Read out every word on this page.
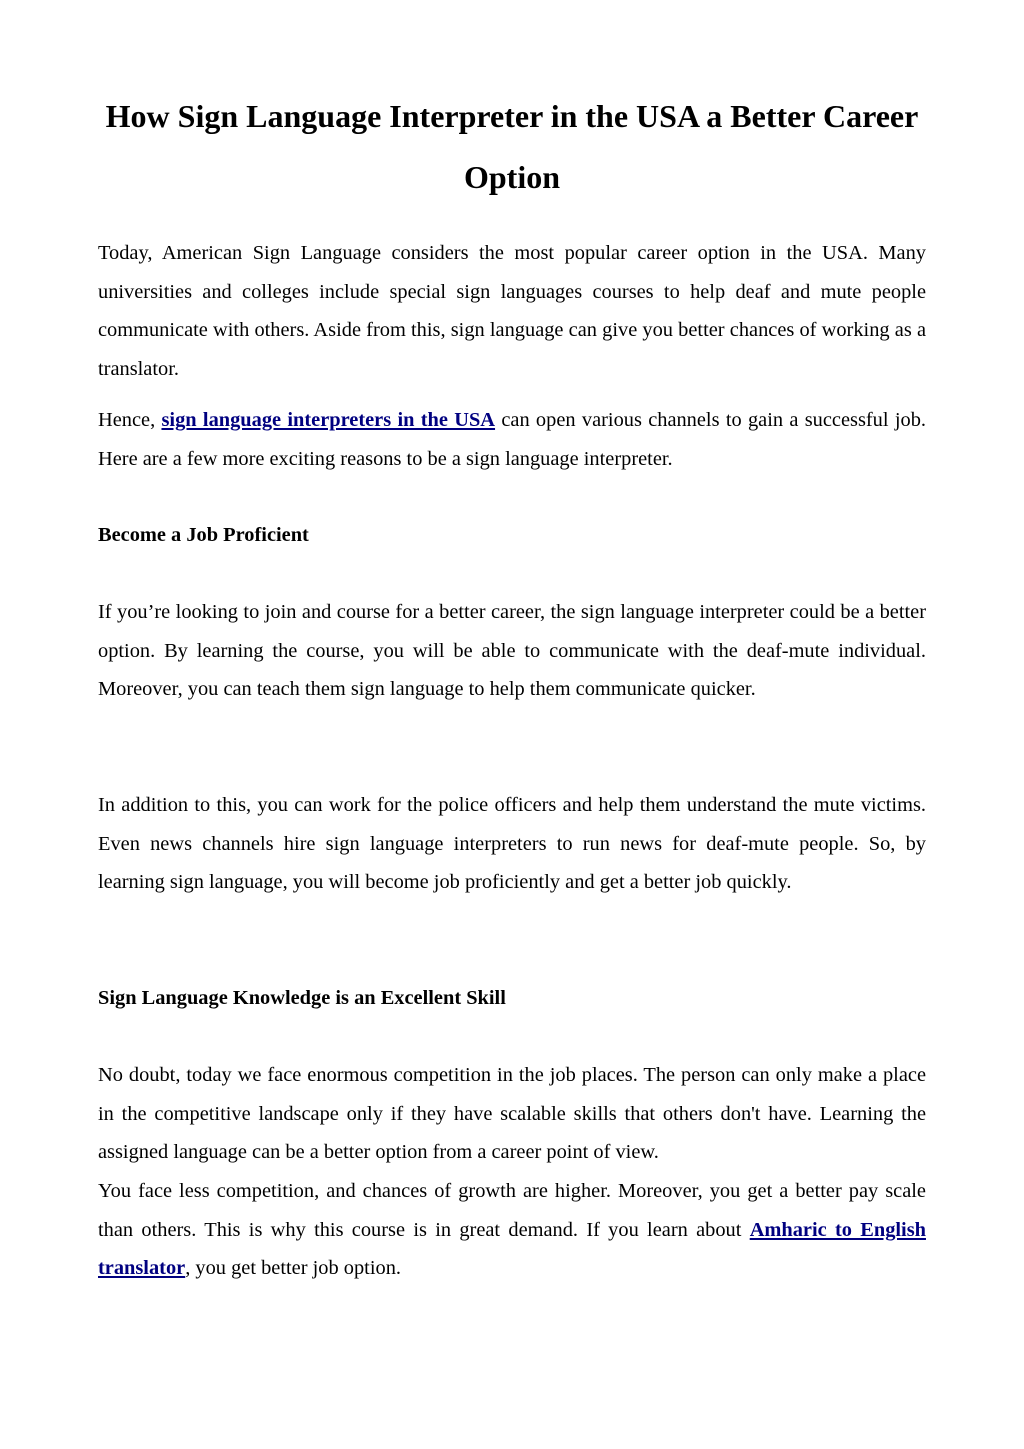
How Sign Language Interpreter in the USA a Better Career Option

Today, American Sign Language considers the most popular career option in the USA. Many universities and colleges include special sign languages courses to help deaf and mute people communicate with others. Aside from this, sign language can give you better chances of working as a translator.

Hence, sign language interpreters in the USA can open various channels to gain a successful job. Here are a few more exciting reasons to be a sign language interpreter.

Become a Job Proficient

If you’re looking to join and course for a better career, the sign language interpreter could be a better option. By learning the course, you will be able to communicate with the deaf-mute individual. Moreover, you can teach them sign language to help them communicate quicker.

In addition to this, you can work for the police officers and help them understand the mute victims. Even news channels hire sign language interpreters to run news for deaf-mute people. So, by learning sign language, you will become job proficiently and get a better job quickly.

Sign Language Knowledge is an Excellent Skill

No doubt, today we face enormous competition in the job places. The person can only make a place in the competitive landscape only if they have scalable skills that others don't have. Learning the assigned language can be a better option from a career point of view.

You face less competition, and chances of growth are higher. Moreover, you get a better pay scale than others. This is why this course is in great demand. If you learn about Amharic to English translator, you get better job option.
